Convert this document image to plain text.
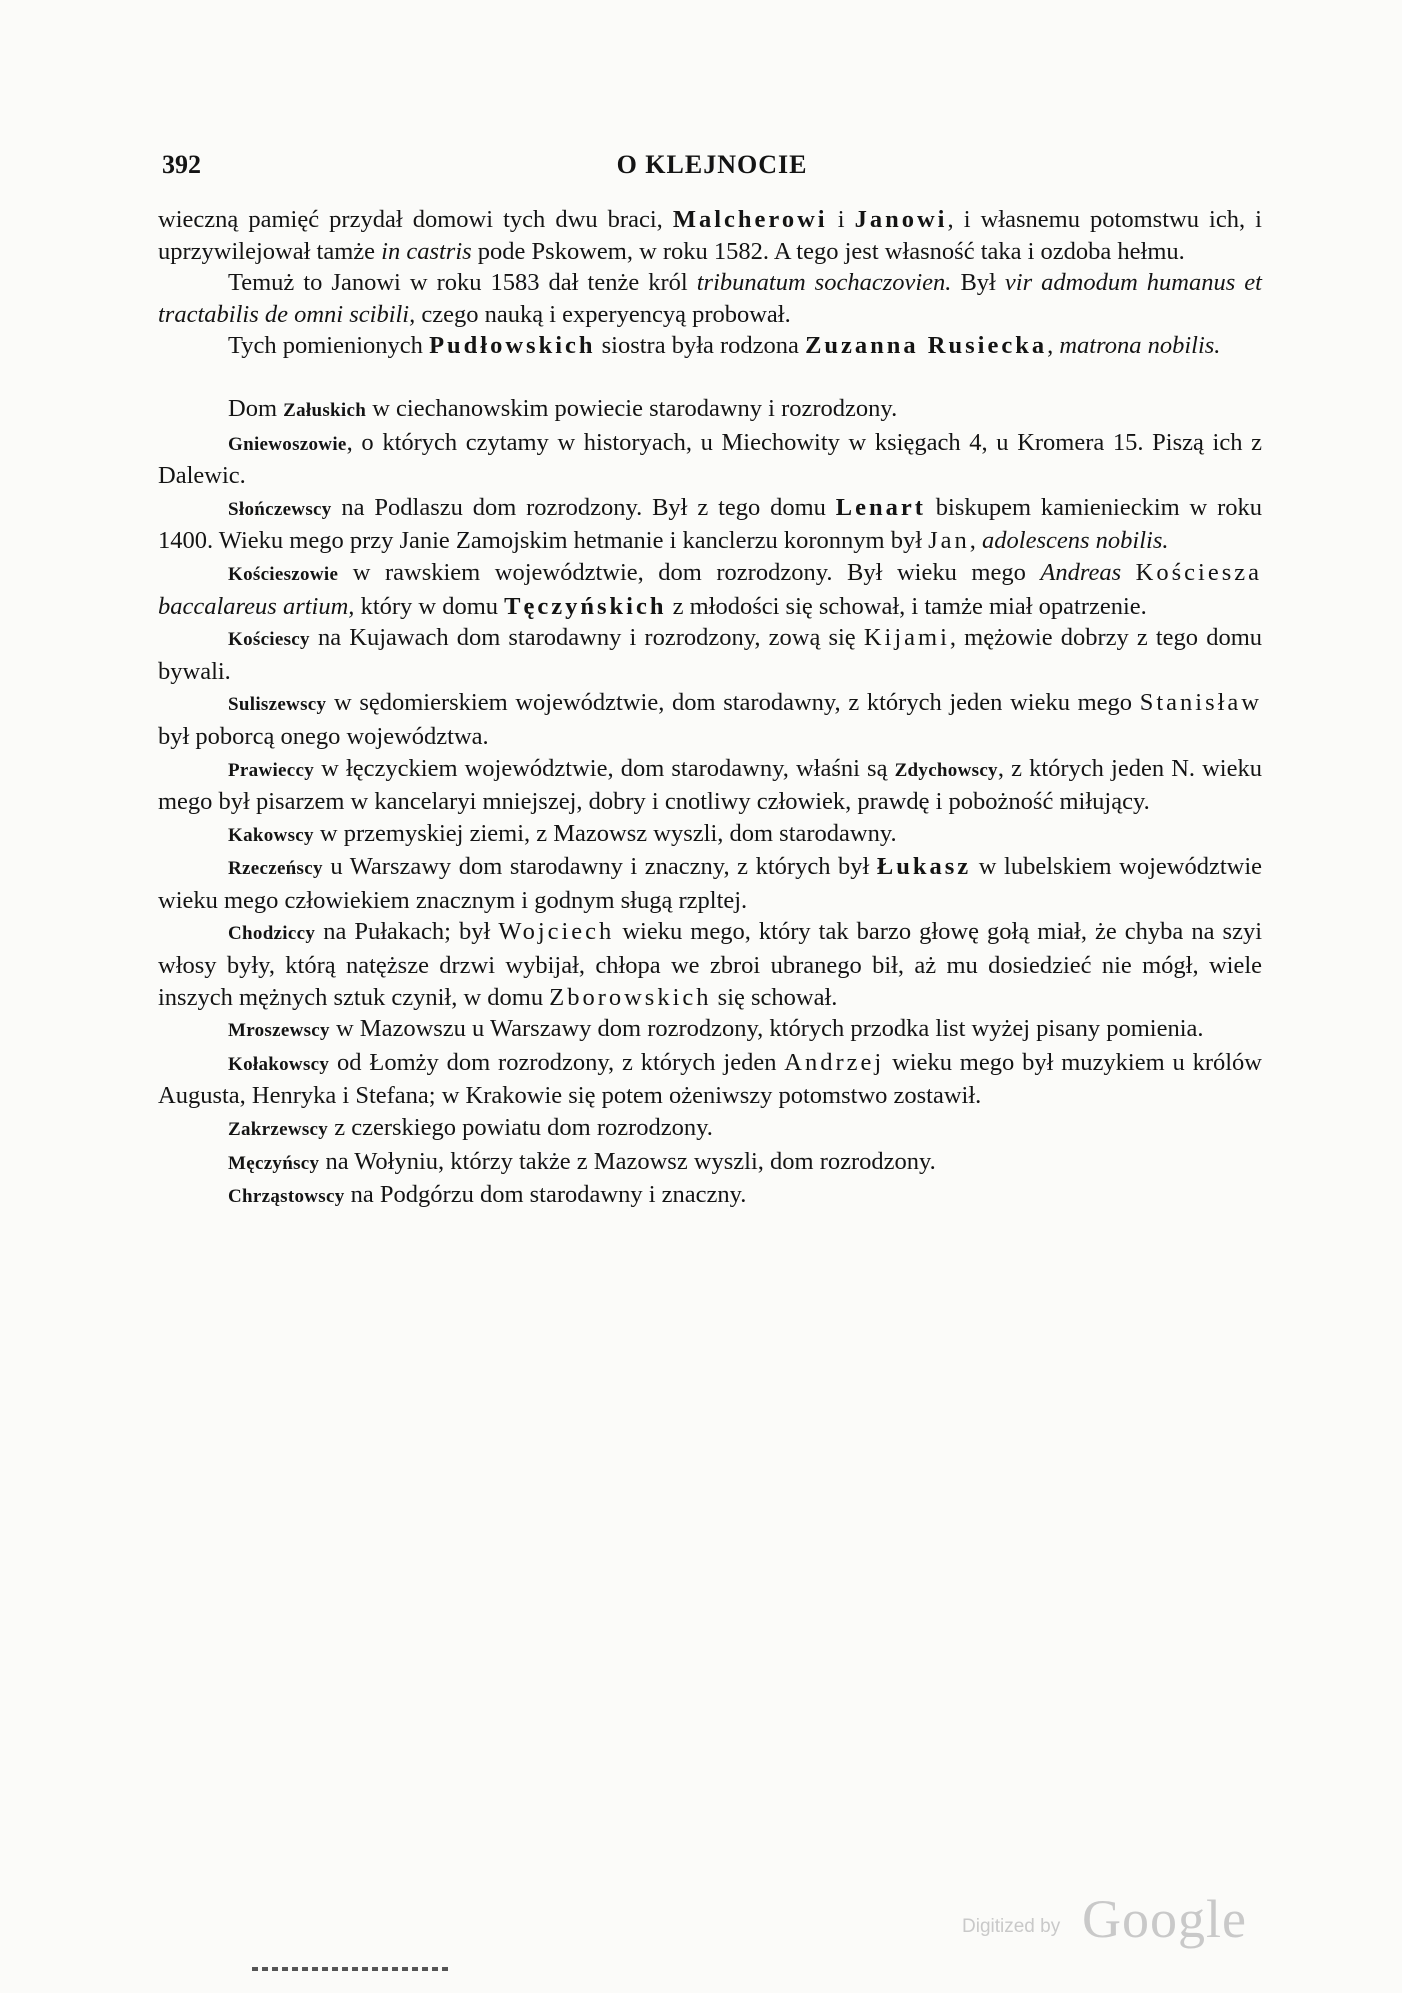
392	O KLEJNOCIE

wieczną pamięć przydał domowi tych dwu braci, Malcherowi i Janowi, i własnemu potomstwu ich, i uprzywilejował tamże in castris pode Pskowem, w roku 1582. A tego jest własność taka i ozdoba hełmu.

Temuż to Janowi w roku 1583 dał tenże król tribunatum sochaczovien. Był vir admodum humanus et tractabilis de omni scibili, czego nauką i experyencyą probował.

Tych pomienionych Pudłowskich siostra była rodzona Zuzanna Rusiecka, matrona nobilis.

Dom Załuskich w ciechanowskim powiecie starodawny i rozrodzony.

Gniewoszowie, o których czytamy w historyach, u Miechowity w księgach 4, u Kromera 15. Piszą ich z Dalewic.

Słończewscy na Podlaszu dom rozrodzony. Był z tego domu Lenart biskupem kamienieckim w roku 1400. Wieku mego przy Janie Zamojskim hetmanie i kanclerzu koronnym był Jan, adolescens nobilis.

Kościeszowie w rawskiem województwie, dom rozrodzony. Był wieku mego Andreas Kościesza baccalareus artium, który w domu Tęczyńskich z młodości się schował, i tamże miał opatrzenie.

Kościescy na Kujawach dom starodawny i rozrodzony, zową się Kijami, mężowie dobrzy z tego domu bywali.

Suliszewscy w sędomierskiem województwie, dom starodawny, z których jeden wieku mego Stanisław był poborcą onego województwa.

Prawieccy w łęczyckiem województwie, dom starodawny, właśni są Zdychowscy, z których jeden N. wieku mego był pisarzem w kancelaryi mniejszej, dobry i cnotliwy człowiek, prawdę i pobożność miłujący.

Kakowscy w przemyskiej ziemi, z Mazowsz wyszli, dom starodawny.

Rzeczeńscy u Warszawy dom starodawny i znaczny, z których był Łukasz w lubelskiem województwie wieku mego człowiekiem znacznym i godnym sługą rzpltej.

Chodziccy na Pułakach; był Wojciech wieku mego, który tak barzo głowę gołą miał, że chyba na szyi włosy były, którą natęższe drzwi wybijał, chłopa we zbroi ubranego bił, aż mu dosiedzieć nie mógł, wiele inszych mężnych sztuk czynił, w domu Zborowskich się schował.

Mroszewscy w Mazowszu u Warszawy dom rozrodzony, których przodka list wyżej pisany pomienia.

Kołakowscy od Łomży dom rozrodzony, z których jeden Andrzej wieku mego był muzykiem u królów Augusta, Henryka i Stefana; w Krakowie się potem ożeniwszy potomstwo zostawił.

Zakrzewscy z czerskiego powiatu dom rozrodzony.

Męczyńscy na Wołyniu, którzy także z Mazowsz wyszli, dom rozrodzony.

Chrząstowscy na Podgórzu dom starodawny i znaczny.

Digitized by Google
